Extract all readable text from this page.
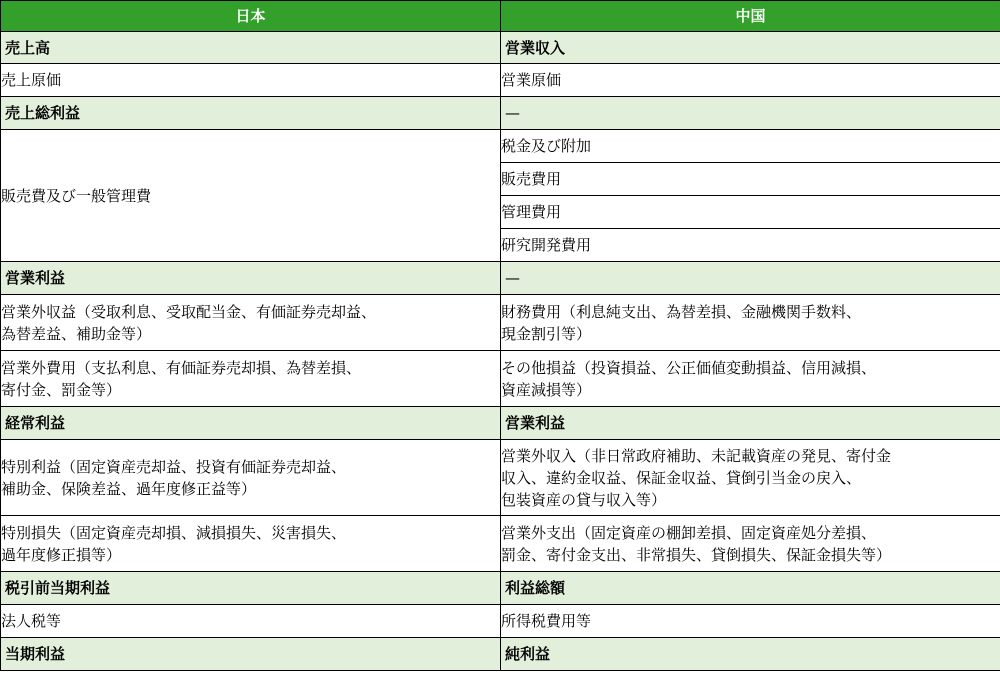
日本	中国
売上高	営業収入
売上原価	営業原価
売上総利益	—
販売費及び一般管理費	税金及び附加
	販売費用
	管理費用
	研究開発費用
営業利益	—

営業外収益（受取利息、受取配当金、有価証券売却益、
為替差益、補助金等）	財務費用（利息純支出、為替差損、金融機関手数料、
現金割引等）

営業外費用（支払利息、有価証券売却損、為替差損、
寄付金、罰金等）	その他損益（投資損益、公正価値変動損益、信用減損、
資産減損等）

経常利益	営業利益

特別利益（固定資産売却益、投資有価証券売却益、
補助金、保険差益、過年度修正益等）	営業外収入（非日常政府補助、未記載資産の発見、寄付金
収入、違約金収益、保証金収益、貸倒引当金の戻入、
包装資産の貸与収入等）

特別損失（固定資産売却損、減損損失、災害損失、
過年度修正損等）	営業外支出（固定資産の棚卸差損、固定資産処分差損、
罰金、寄付金支出、非常損失、貸倒損失、保証金損失等）

税引前当期利益	利益総額
法人税等	所得税費用等
当期利益	純利益
